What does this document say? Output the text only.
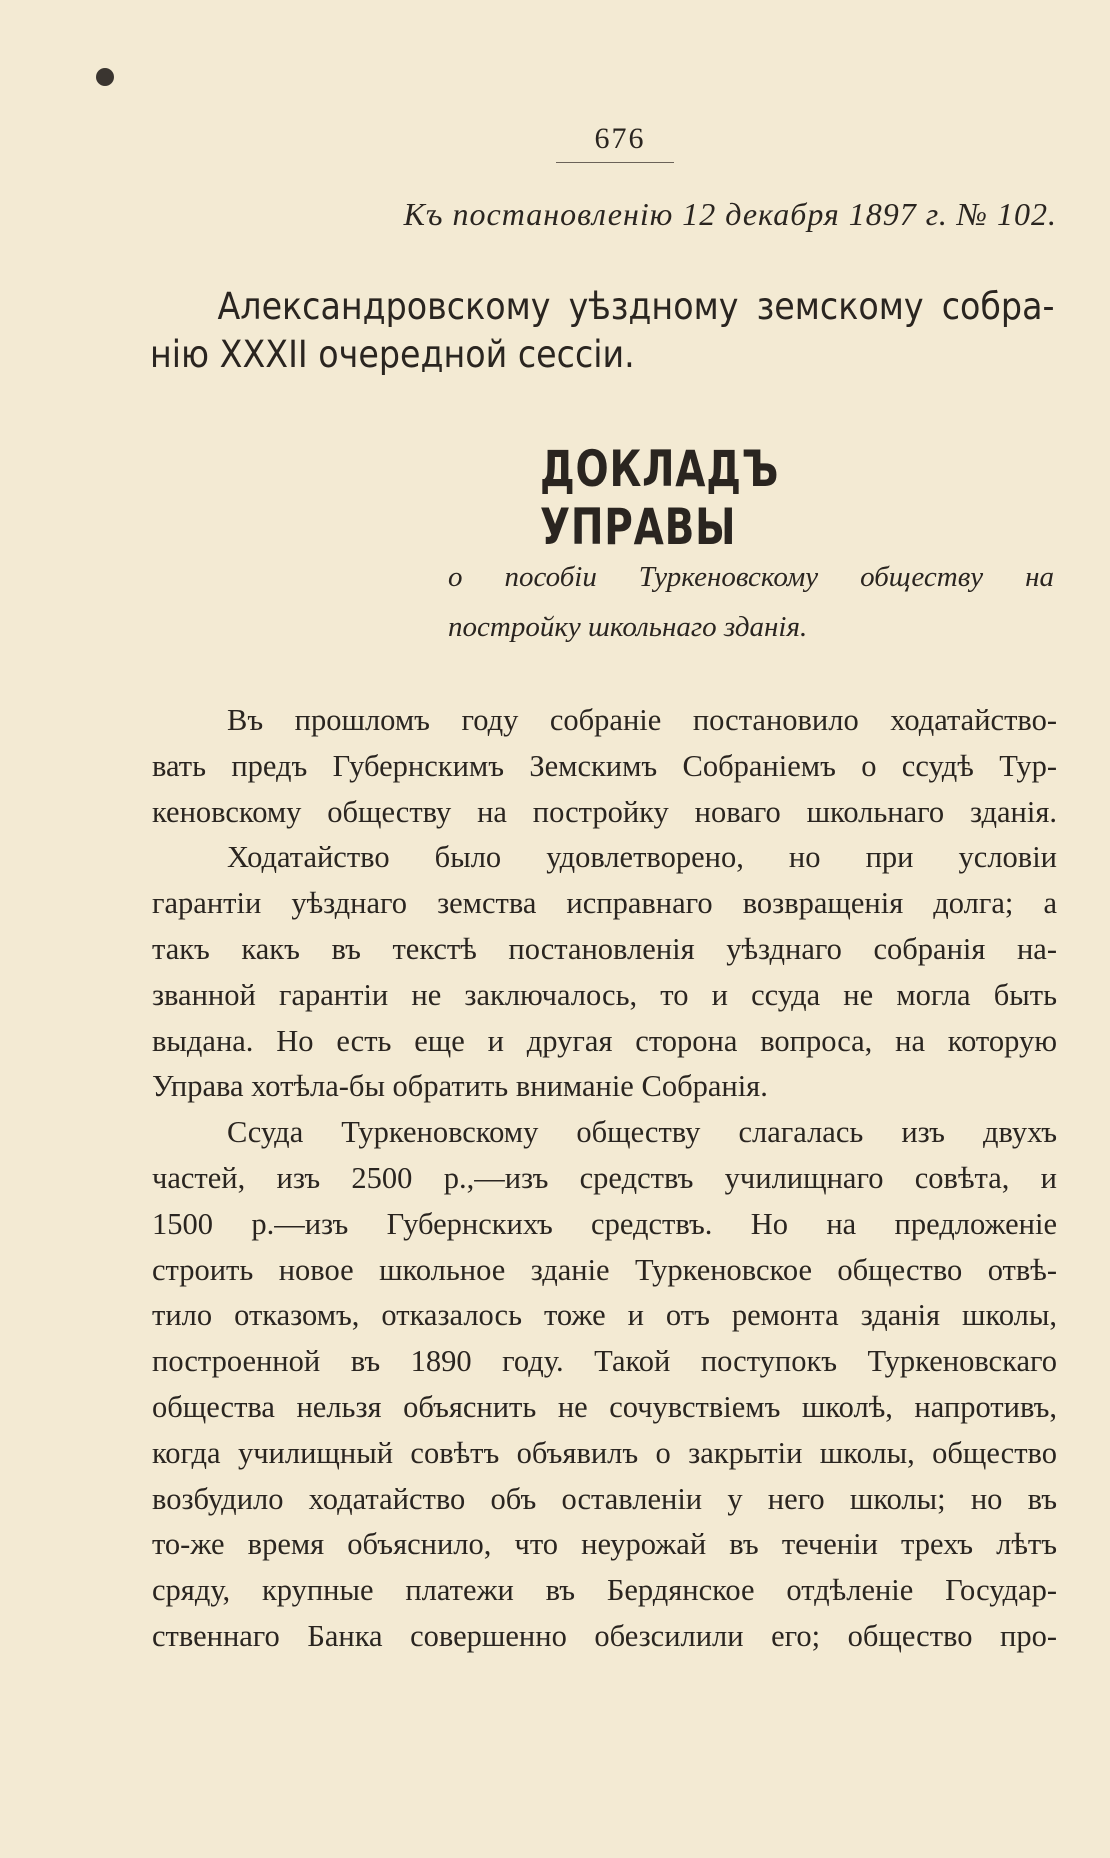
676
Къ постановленію 12 декабря 1897 г. № 102.
Александровскому уѣздному земскому собра-
нію XXXII очередной сессіи.
ДОКЛАДЪ УПРАВЫ
о пособіи Туркеновскому обществу на
постройку школьнаго зданія.
Въ прошломъ году собраніе постановило ходатайство-
вать предъ Губернскимъ Земскимъ Собраніемъ о ссудѣ Тур-
кеновскому обществу на постройку новаго школьнаго зданія.
Ходатайство было удовлетворено, но при условіи
гарантіи уѣзднаго земства исправнаго возвращенія долга; а
такъ какъ въ текстѣ постановленія уѣзднаго собранія на-
званной гарантіи не заключалось, то и ссуда не могла быть
выдана. Но есть еще и другая сторона вопроса, на которую
Управа хотѣла-бы обратить вниманіе Собранія.
Ссуда Туркеновскому обществу слагалась изъ двухъ
частей, изъ 2500 р.,—изъ средствъ училищнаго совѣта, и
1500 р.—изъ Губернскихъ средствъ. Но на предложеніе
строить новое школьное зданіе Туркеновское общество отвѣ-
тило отказомъ, отказалось тоже и отъ ремонта зданія школы,
построенной въ 1890 году. Такой поступокъ Туркеновскаго
общества нельзя объяснить не сочувствіемъ школѣ, напротивъ,
когда училищный совѣтъ объявилъ о закрытіи школы, общество
возбудило ходатайство объ оставленіи у него школы; но въ
то-же время объяснило, что неурожай въ теченіи трехъ лѣтъ
сряду, крупные платежи въ Бердянское отдѣленіе Государ-
ственнаго Банка совершенно обезсилили его; общество про-
